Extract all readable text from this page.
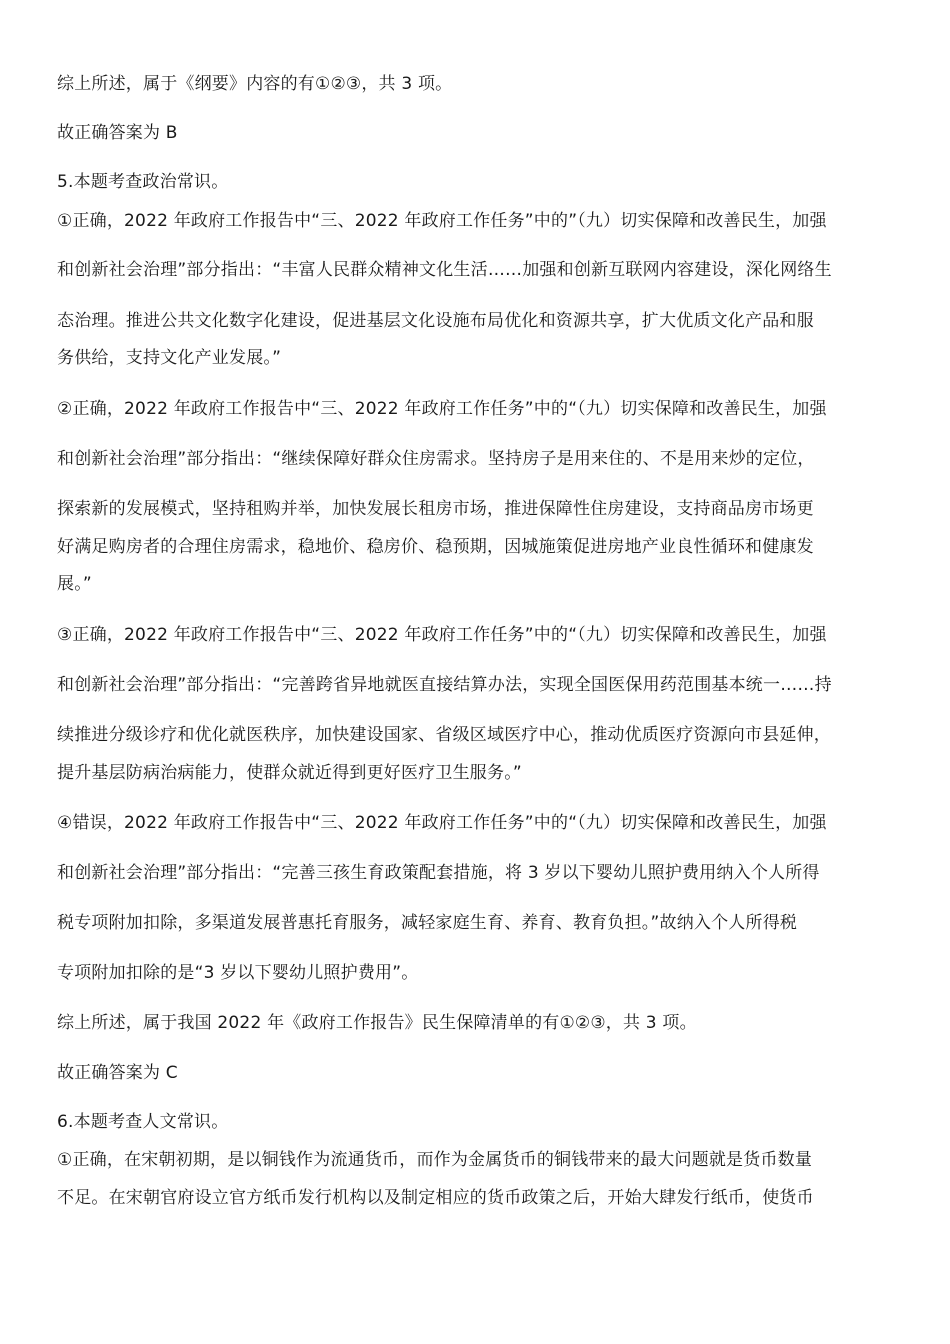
综上所述，属于《纲要》内容的有①②③，共 3 项。
故正确答案为 B
5.本题考查政治常识。
①正确，2022 年政府工作报告中“三、2022 年政府工作任务”中的”（九）切实保障和改善民生，加强
和创新社会治理”部分指出：“丰富人民群众精神文化生活……加强和创新互联网内容建设，深化网络生
态治理。推进公共文化数字化建设，促进基层文化设施布局优化和资源共享，扩大优质文化产品和服
务供给，支持文化产业发展。”
②正确，2022 年政府工作报告中“三、2022 年政府工作任务”中的“（九）切实保障和改善民生，加强
和创新社会治理”部分指出：“继续保障好群众住房需求。坚持房子是用来住的、不是用来炒的定位，
探索新的发展模式，坚持租购并举，加快发展长租房市场，推进保障性住房建设，支持商品房市场更
好满足购房者的合理住房需求，稳地价、稳房价、稳预期，因城施策促进房地产业良性循环和健康发
展。”
③正确，2022 年政府工作报告中“三、2022 年政府工作任务”中的“（九）切实保障和改善民生，加强
和创新社会治理”部分指出：“完善跨省异地就医直接结算办法，实现全国医保用药范围基本统一……持
续推进分级诊疗和优化就医秩序，加快建设国家、省级区域医疗中心，推动优质医疗资源向市县延伸，
提升基层防病治病能力，使群众就近得到更好医疗卫生服务。”
④错误，2022 年政府工作报告中“三、2022 年政府工作任务”中的“（九）切实保障和改善民生，加强
和创新社会治理”部分指出：“完善三孩生育政策配套措施，将 3 岁以下婴幼儿照护费用纳入个人所得
税专项附加扣除，多渠道发展普惠托育服务，减轻家庭生育、养育、教育负担。”故纳入个人所得税
专项附加扣除的是“3 岁以下婴幼儿照护费用”。
综上所述，属于我国 2022 年《政府工作报告》民生保障清单的有①②③，共 3 项。
故正确答案为 C
6.本题考查人文常识。
①正确，在宋朝初期，是以铜钱作为流通货币，而作为金属货币的铜钱带来的最大问题就是货币数量
不足。在宋朝官府设立官方纸币发行机构以及制定相应的货币政策之后，开始大肆发行纸币，使货币
